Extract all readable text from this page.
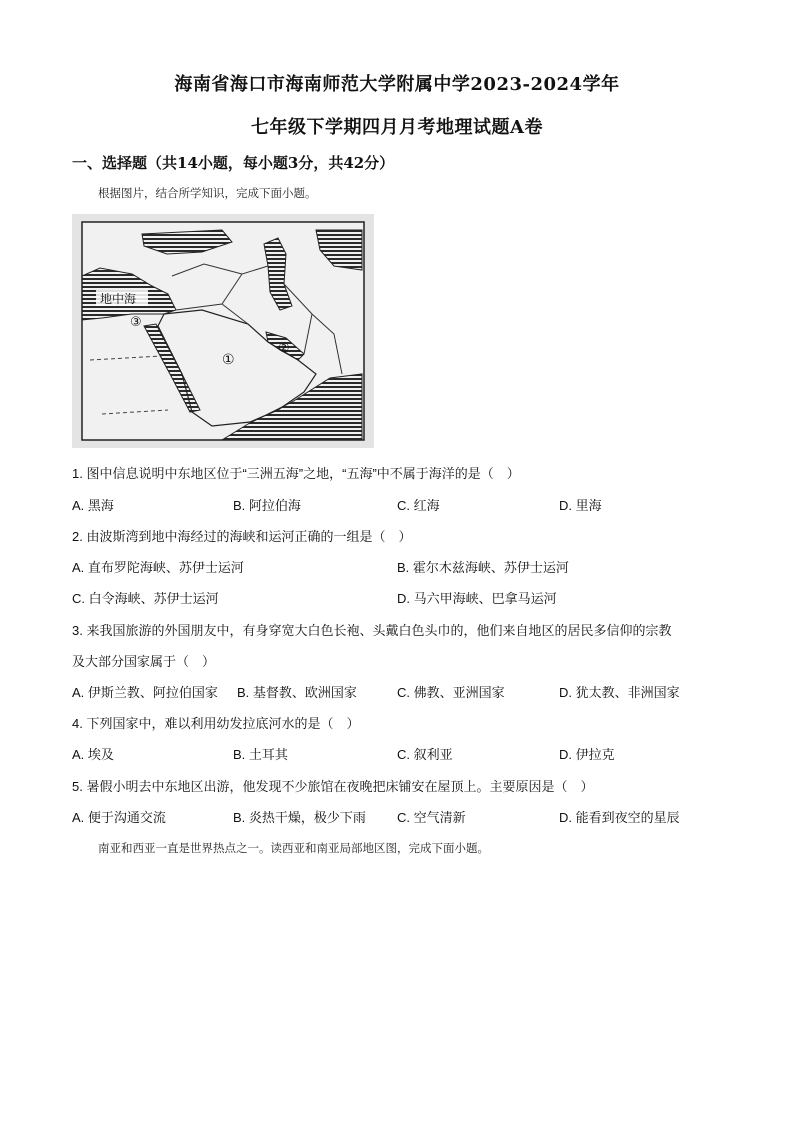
海南省海口市海南师范大学附属中学2023-2024学年
七年级下学期四月月考地理试题A卷
一、选择题（共14小题，每小题3分，共42分）
根据图片，结合所学知识，完成下面小题。
地中海
③
①
②
1. 图中信息说明中东地区位于“三洲五海”之地，“五海”中不属于海洋的是（　）
A. 黑海	B. 阿拉伯海	C. 红海	D. 里海
2. 由波斯湾到地中海经过的海峡和运河正确的一组是（　）
A. 直布罗陀海峡、苏伊士运河	B. 霍尔木兹海峡、苏伊士运河
C. 白令海峡、苏伊士运河	D. 马六甲海峡、巴拿马运河
3. 来我国旅游的外国朋友中，有身穿宽大白色长袍、头戴白色头巾的，他们来自地区的居民多信仰的宗教
及大部分国家属于（　）
A. 伊斯兰教、阿拉伯国家 B. 基督教、欧洲国家	C. 佛教、亚洲国家	D. 犹太教、非洲国家
4. 下列国家中，难以利用幼发拉底河水的是（　）
A. 埃及	B. 土耳其	C. 叙利亚	D. 伊拉克
5. 暑假小明去中东地区出游，他发现不少旅馆在夜晚把床铺安在屋顶上。主要原因是（　）
A. 便于沟通交流	B. 炎热干燥，极少下雨 C. 空气清新	D. 能看到夜空的星辰
南亚和西亚一直是世界热点之一。读西亚和南亚局部地区图，完成下面小题。
